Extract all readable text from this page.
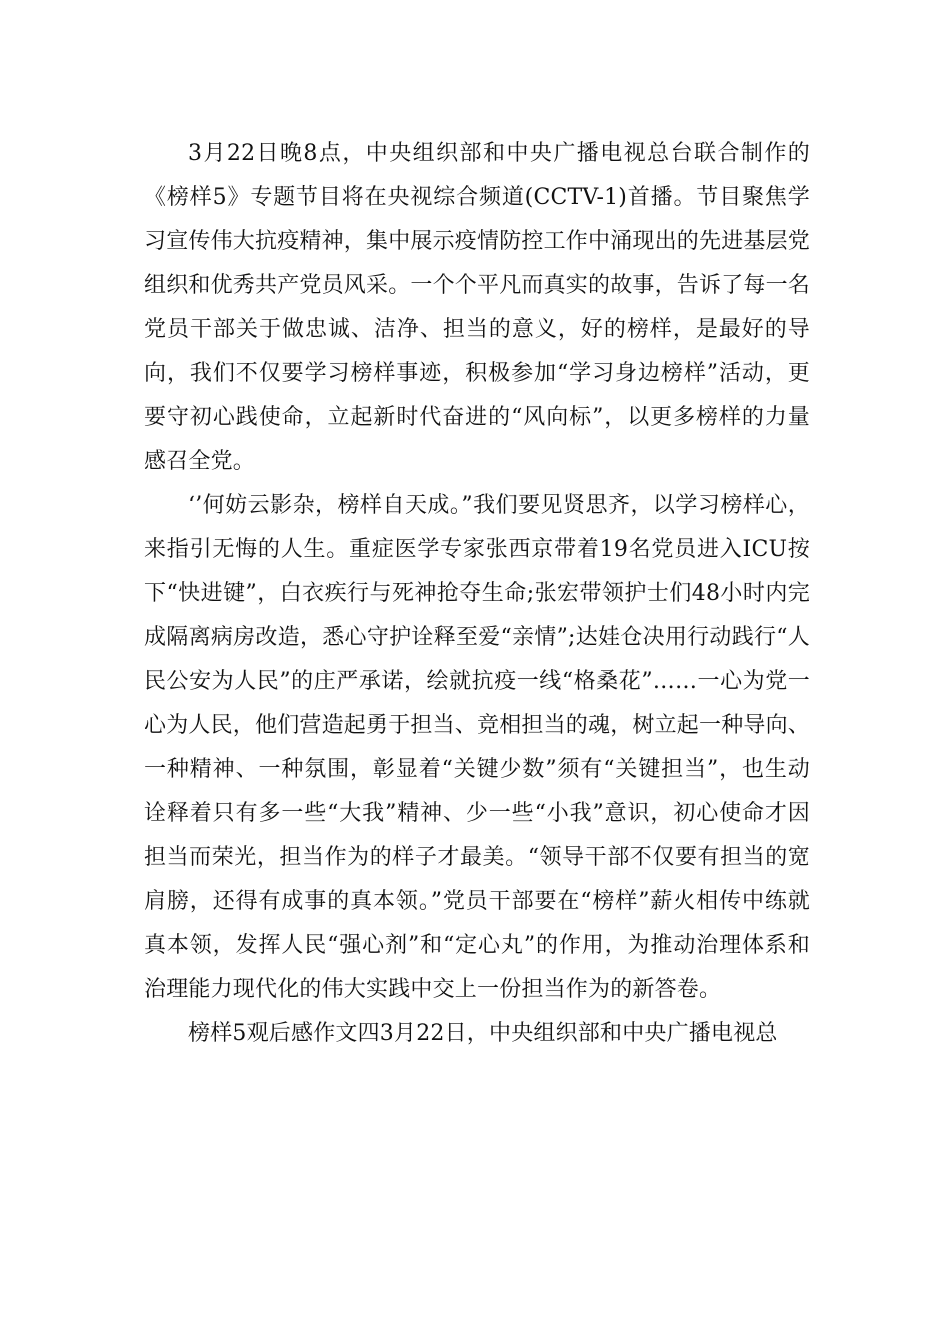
3月22日晚8点，中央组织部和中央广播电视总台联合制作的《榜样5》专题节目将在央视综合频道(CCTV-1)首播。节目聚焦学习宣传伟大抗疫精神，集中展示疫情防控工作中涌现出的先进基层党组织和优秀共产党员风采。一个个平凡而真实的故事，告诉了每一名党员干部关于做忠诚、洁净、担当的意义，好的榜样，是最好的导向，我们不仅要学习榜样事迹，积极参加“学习身边榜样”活动，更要守初心践使命，立起新时代奋进的“风向标”，以更多榜样的力量感召全党。

‘’何妨云影杂，榜样自天成。”我们要见贤思齐，以学习榜样心，来指引无悔的人生。重症医学专家张西京带着19名党员进入ICU按下“快进键”，白衣疾行与死神抢夺生命;张宏带领护士们48小时内完成隔离病房改造，悉心守护诠释至爱“亲情”;达娃仓决用行动践行“人民公安为人民”的庄严承诺，绘就抗疫一线“格桑花”……一心为党一心为人民，他们营造起勇于担当、竞相担当的魂，树立起一种导向、一种精神、一种氛围，彰显着“关键少数”须有“关键担当”，也生动诠释着只有多一些“大我”精神、少一些“小我”意识，初心使命才因担当而荣光，担当作为的样子才最美。“领导干部不仅要有担当的宽肩膀，还得有成事的真本领。”党员干部要在“榜样”薪火相传中练就真本领，发挥人民“强心剂”和“定心丸”的作用，为推动治理体系和治理能力现代化的伟大实践中交上一份担当作为的新答卷。

榜样5观后感作文四3月22日，中央组织部和中央广播电视总
